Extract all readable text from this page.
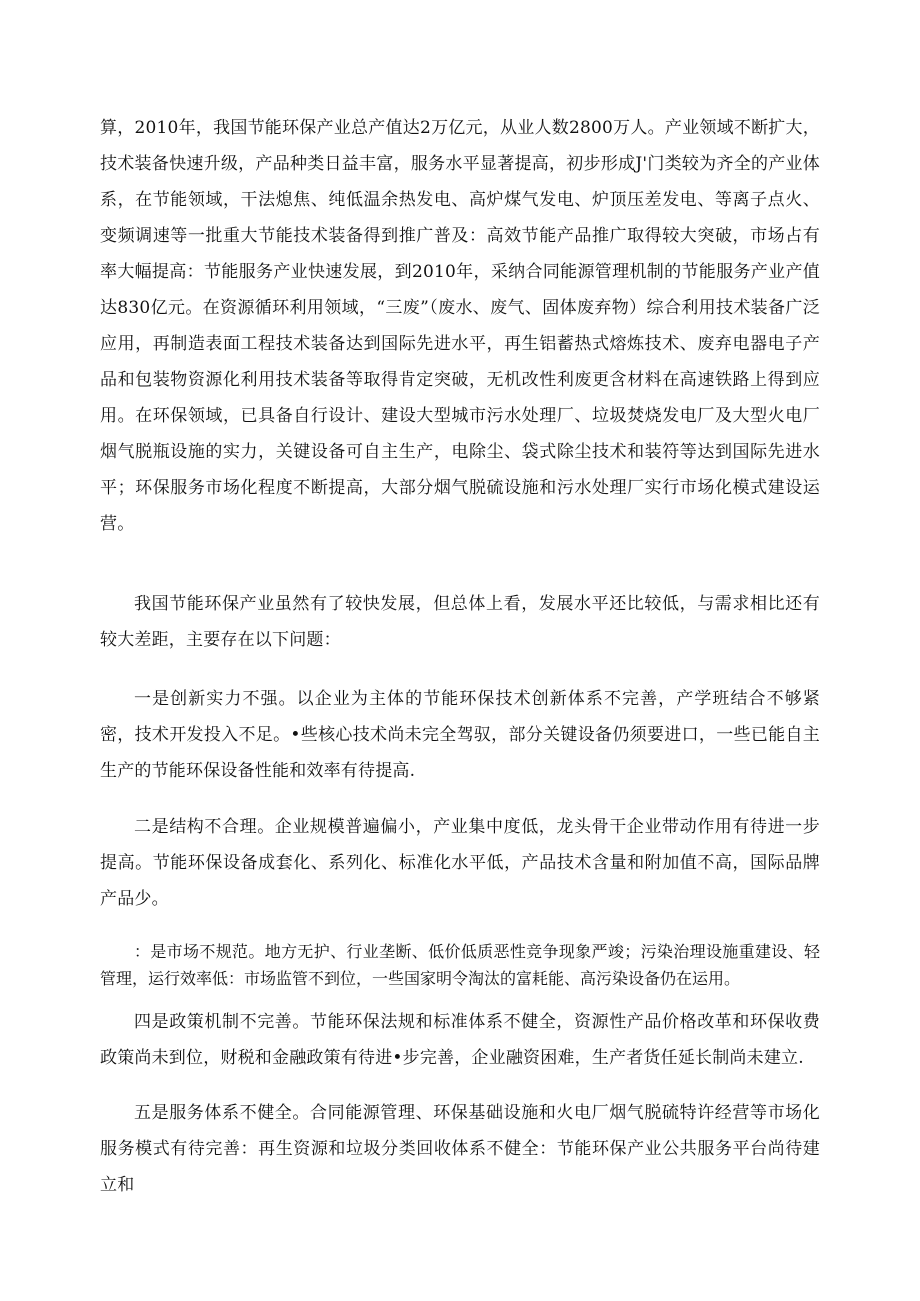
算，2010年，我国节能环保产业总产值达2万亿元，从业人数2800万人。产业领域不断扩大，技术装备快速升级，产品种类日益丰富，服务水平显著提高，初步形成J'门类较为齐全的产业体系，在节能领域，干法熄焦、纯低温余热发电、高炉煤气发电、炉顶压差发电、等离子点火、变频调速等一批重大节能技术装备得到推广普及：高效节能产品推广取得较大突破，市场占有率大幅提高：节能服务产业快速发展，到2010年，采纳合同能源管理机制的节能服务产业产值达830亿元。在资源循环利用领域，“三废”（废水、废气、固体废弃物）综合利用技术装备广泛应用，再制造表面工程技术装备达到国际先进水平，再生铝蓄热式熔炼技术、废弃电器电子产品和包装物资源化利用技术装备等取得肯定突破，无机改性利废更含材料在高速铁路上得到应用。在环保领域，已具备自行设计、建设大型城市污水处理厂、垃圾焚烧发电厂及大型火电厂烟气脱瓶设施的实力，关键设备可自主生产，电除尘、袋式除尘技术和装符等达到国际先进水平；环保服务市场化程度不断提高，大部分烟气脱硫设施和污水处理厂实行市场化模式建设运营。

我国节能环保产业虽然有了较快发展，但总体上看，发展水平还比较低，与需求相比还有较大差距，主要存在以下问题：

一是创新实力不强。以企业为主体的节能环保技术创新体系不完善，产学班结合不够紧密，技术开发投入不足。•些核心技术尚未完全驾驭，部分关键设备仍须要进口，一些已能自主生产的节能环保设备性能和效率有待提高.

二是结构不合理。企业规模普遍偏小，产业集中度低，龙头骨干企业带动作用有待进一步提高。节能环保设备成套化、系列化、标准化水平低，产品技术含量和附加值不高，国际品牌产品少。

：是市场不规范。地方无护、行业垄断、低价低质恶性竞争现象严竣；污染治理设施重建设、轻管理，运行效率低：市场监管不到位，一些国家明令淘汰的富耗能、高污染设备仍在运用。

四是政策机制不完善。节能环保法规和标准体系不健全，资源性产品价格改革和环保收费政策尚未到位，财税和金融政策有待进•步完善，企业融资困难，生产者货任延长制尚未建立.

五是服务体系不健全。合同能源管理、环保基础设施和火电厂烟气脱硫特许经营等市场化服务模式有待完善：再生资源和垃圾分类回收体系不健全：节能环保产业公共服务平台尚待建立和
